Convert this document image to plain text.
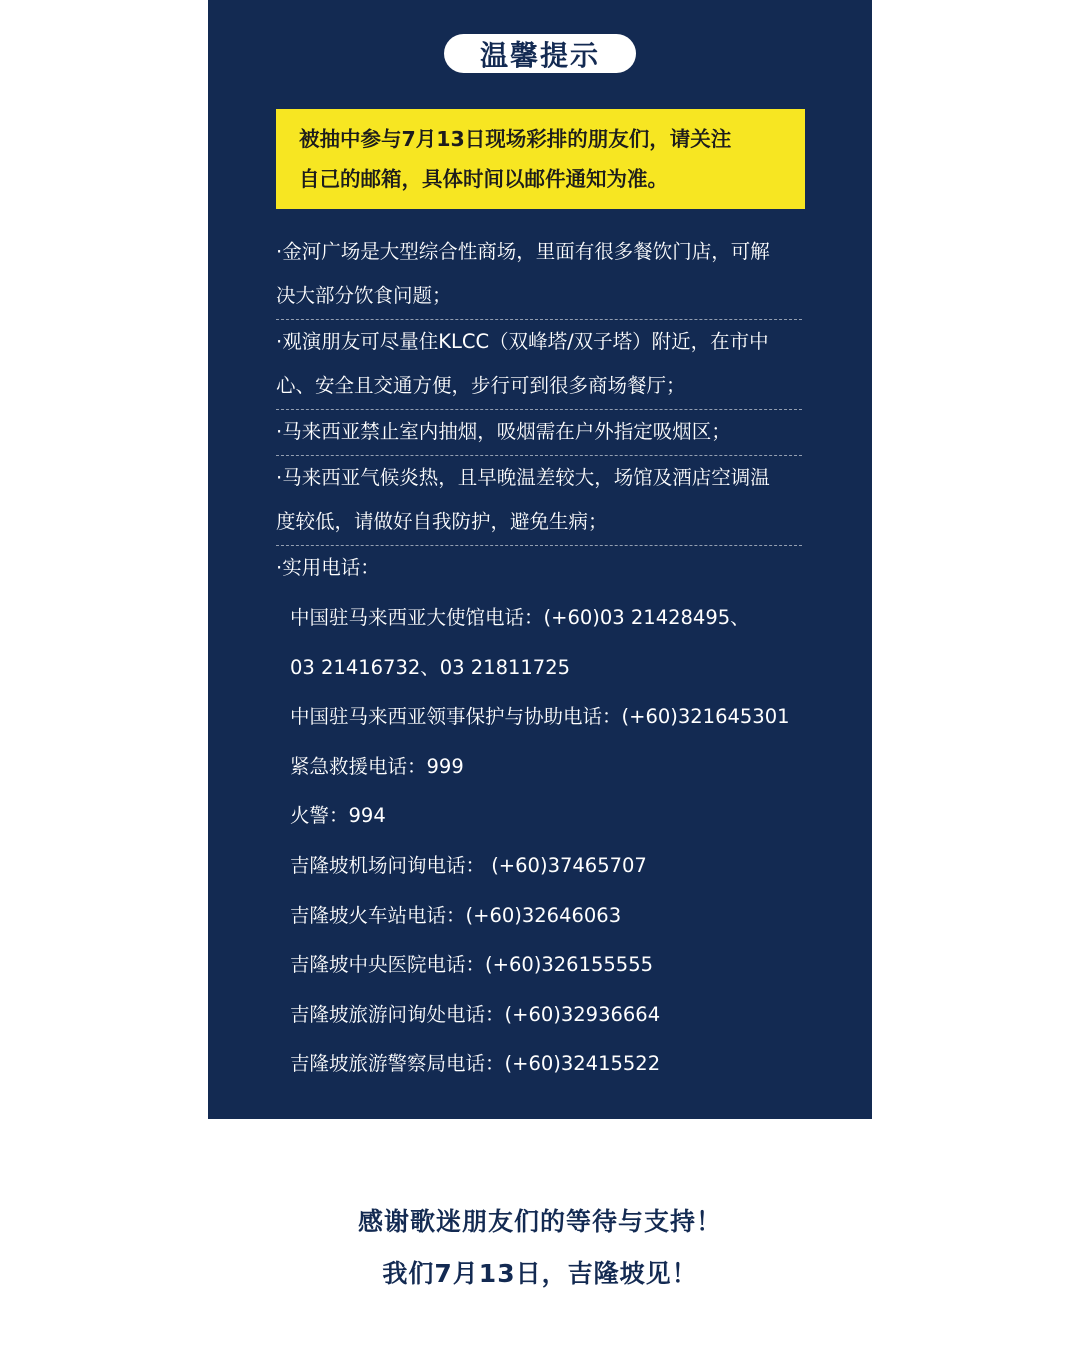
温馨提示
被抽中参与7月13日现场彩排的朋友们，请关注
自己的邮箱，具体时间以邮件通知为准。
·金河广场是大型综合性商场，里面有很多餐饮门店，可解
决大部分饮食问题；
·观演朋友可尽量住KLCC（双峰塔/双子塔）附近，在市中
心、安全且交通方便，步行可到很多商场餐厅；
·马来西亚禁止室内抽烟，吸烟需在户外指定吸烟区；
·马来西亚气候炎热，且早晚温差较大，场馆及酒店空调温
度较低，请做好自我防护，避免生病；
·实用电话：
中国驻马来西亚大使馆电话：(+60)03 21428495、
03 21416732、03 21811725
中国驻马来西亚领事保护与协助电话：(+60)321645301
紧急救援电话：999
火警：994
吉隆坡机场问询电话： (+60)37465707
吉隆坡火车站电话：(+60)32646063
吉隆坡中央医院电话：(+60)326155555
吉隆坡旅游问询处电话：(+60)32936664
吉隆坡旅游警察局电话：(+60)32415522
感谢歌迷朋友们的等待与支持！
我们7月13日，吉隆坡见！
